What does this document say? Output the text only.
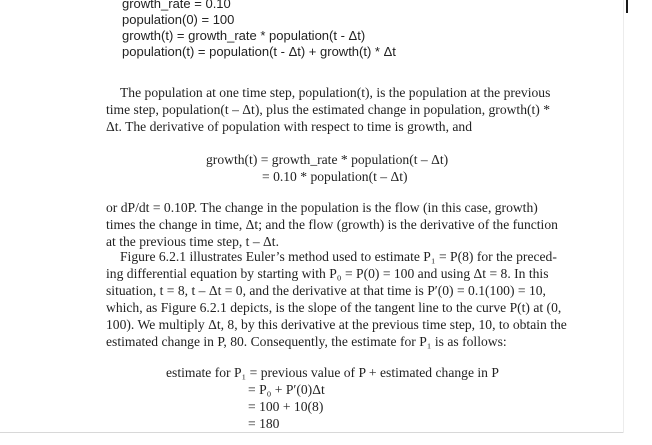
growth_rate = 0.10
population(0) = 100
growth(t) = growth_rate * population(t - Δt)
population(t) = population(t - Δt) + growth(t) * Δt
The population at one time step, population(t), is the population at the previous
time step, population(t – Δt), plus the estimated change in population, growth(t) *
Δt. The derivative of population with respect to time is growth, and
growth(t) = growth_rate * population(t – Δt)
= 0.10 * population(t – Δt)
or dP/dt = 0.10P. The change in the population is the flow (in this case, growth)
times the change in time, Δt; and the flow (growth) is the derivative of the function
at the previous time step, t – Δt.
Figure 6.2.1 illustrates Euler’s method used to estimate P₁ = P(8) for the preced-
ing differential equation by starting with P₀ = P(0) = 100 and using Δt = 8. In this
situation, t = 8, t – Δt = 0, and the derivative at that time is P′(0) = 0.1(100) = 10,
which, as Figure 6.2.1 depicts, is the slope of the tangent line to the curve P(t) at (0,
100). We multiply Δt, 8, by this derivative at the previous time step, 10, to obtain the
estimated change in P, 80. Consequently, the estimate for P₁ is as follows:
estimate for P₁ = previous value of P + estimated change in P
= P₀ + P′(0)Δt
= 100 + 10(8)
= 180
